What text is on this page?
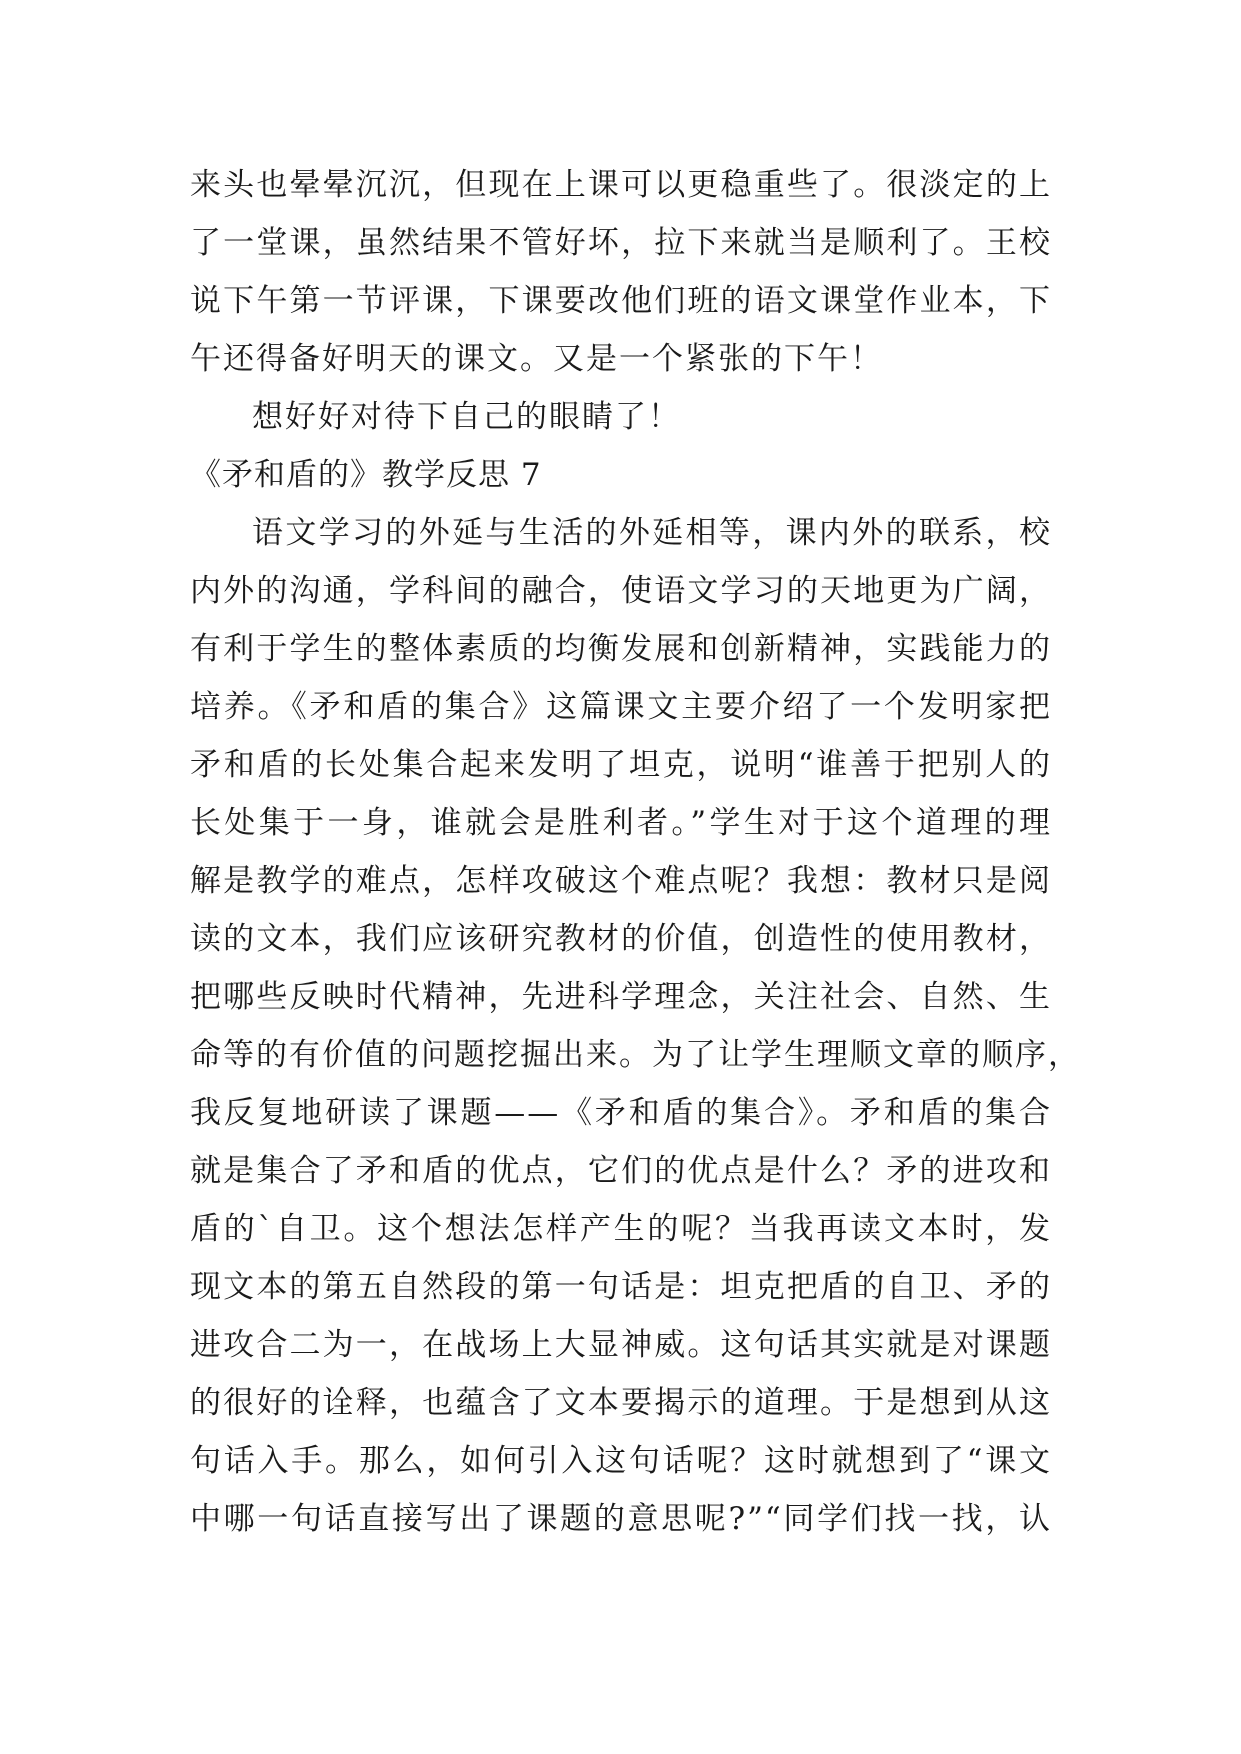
来头也晕晕沉沉，但现在上课可以更稳重些了。很淡定的上
了一堂课，虽然结果不管好坏，拉下来就当是顺利了。王校
说下午第一节评课，下课要改他们班的语文课堂作业本，下
午还得备好明天的课文。又是一个紧张的下午！
想好好对待下自己的眼睛了！
《矛和盾的》教学反思 7
语文学习的外延与生活的外延相等，课内外的联系，校
内外的沟通，学科间的融合，使语文学习的天地更为广阔，
有利于学生的整体素质的均衡发展和创新精神，实践能力的
培养。《矛和盾的集合》这篇课文主要介绍了一个发明家把
矛和盾的长处集合起来发明了坦克，说明“谁善于把别人的
长处集于一身，谁就会是胜利者。”学生对于这个道理的理
解是教学的难点，怎样攻破这个难点呢？我想：教材只是阅
读的文本，我们应该研究教材的价值，创造性的使用教材，
把哪些反映时代精神，先进科学理念，关注社会、自然、生
命等的有价值的问题挖掘出来。为了让学生理顺文章的顺序，
我反复地研读了课题——《矛和盾的集合》。矛和盾的集合
就是集合了矛和盾的优点，它们的优点是什么？矛的进攻和
盾的`自卫。这个想法怎样产生的呢？当我再读文本时，发
现文本的第五自然段的第一句话是：坦克把盾的自卫、矛的
进攻合二为一，在战场上大显神威。这句话其实就是对课题
的很好的诠释，也蕴含了文本要揭示的道理。于是想到从这
句话入手。那么，如何引入这句话呢？这时就想到了“课文
中哪一句话直接写出了课题的意思呢?”“同学们找一找，认
